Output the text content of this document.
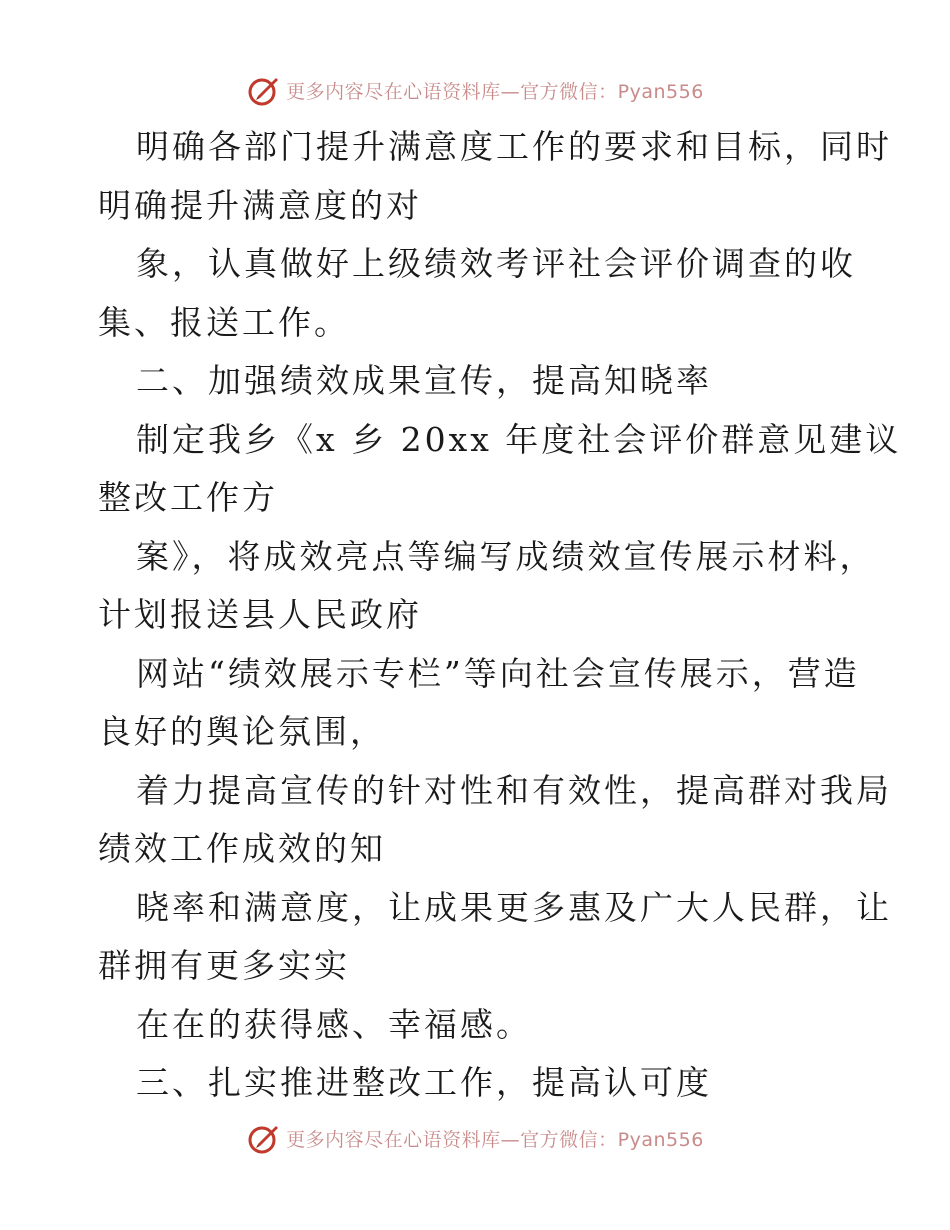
更多内容尽在心语资料库—官方微信：Pyan556
明确各部门提升满意度工作的要求和目标，同时
明确提升满意度的对
象，认真做好上级绩效考评社会评价调查的收
集、报送工作。
二、加强绩效成果宣传，提高知晓率
制定我乡《x 乡 20xx 年度社会评价群意见建议
整改工作方
案》，将成效亮点等编写成绩效宣传展示材料，
计划报送县人民政府
网站“绩效展示专栏”等向社会宣传展示，营造
良好的舆论氛围，
着力提高宣传的针对性和有效性，提高群对我局
绩效工作成效的知
晓率和满意度，让成果更多惠及广大人民群，让
群拥有更多实实
在在的获得感、幸福感。
三、扎实推进整改工作，提高认可度
更多内容尽在心语资料库—官方微信：Pyan556
